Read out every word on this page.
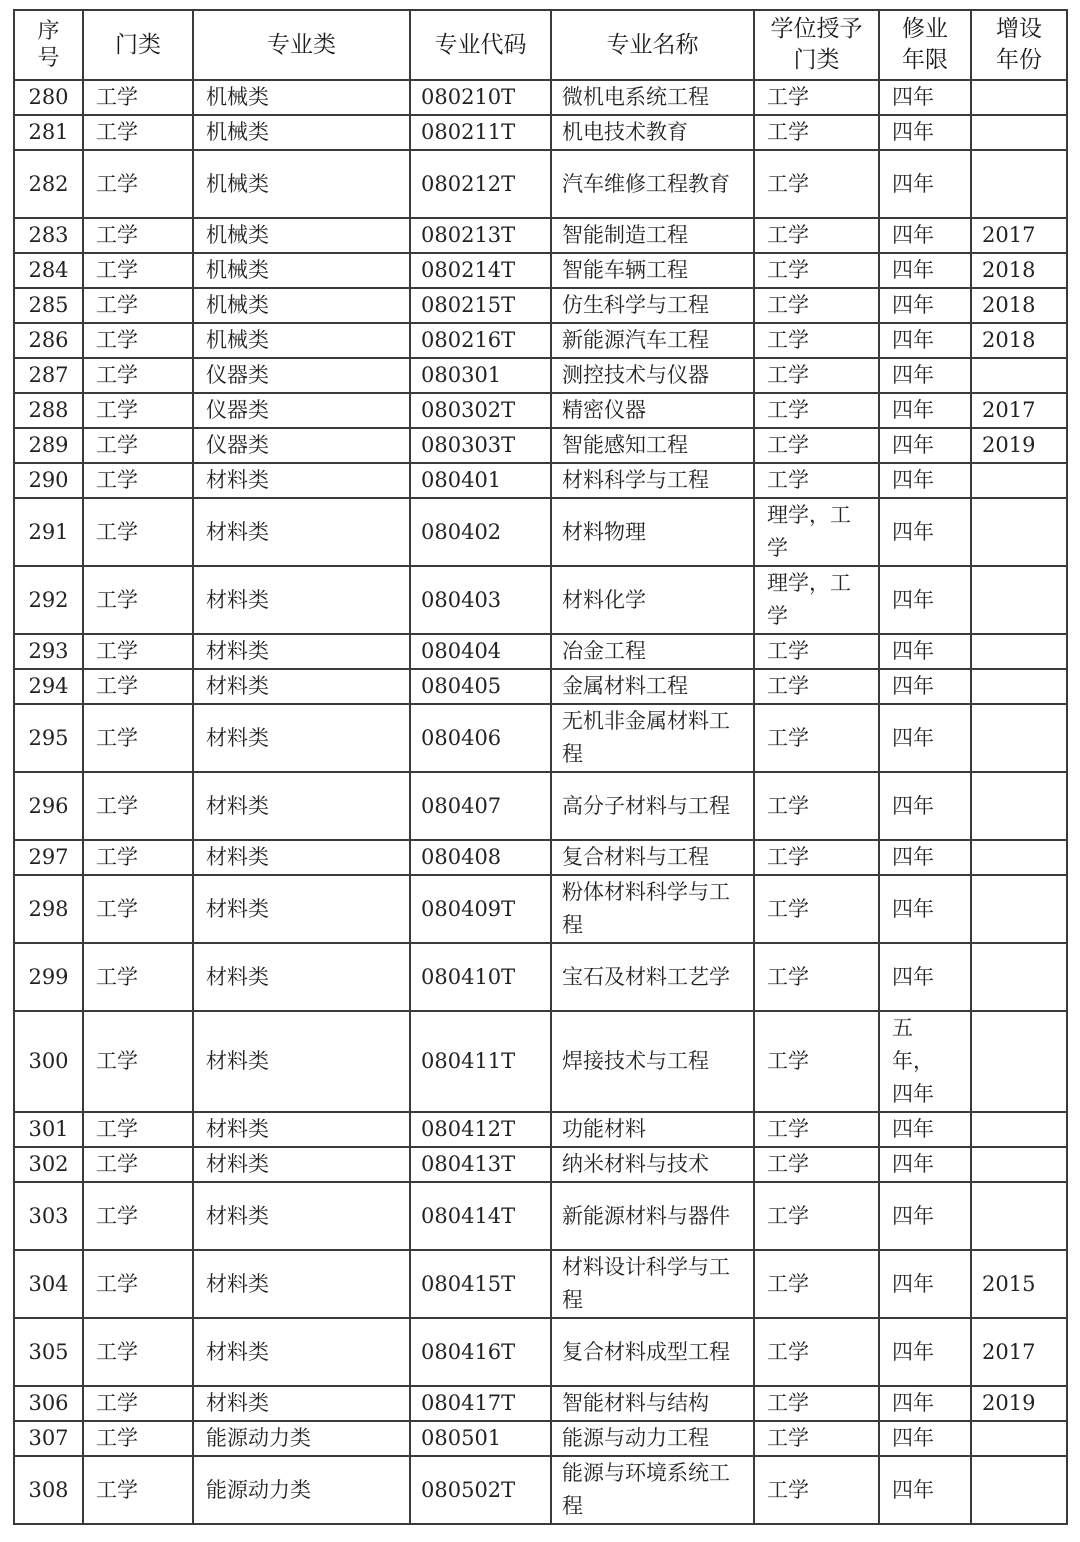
序号	门类	专业类	专业代码	专业名称	学位授予门类	修业年限	增设年份
280	工学	机械类	080210T	微机电系统工程	工学	四年	
281	工学	机械类	080211T	机电技术教育	工学	四年	
282	工学	机械类	080212T	汽车维修工程教育	工学	四年	
283	工学	机械类	080213T	智能制造工程	工学	四年	2017
284	工学	机械类	080214T	智能车辆工程	工学	四年	2018
285	工学	机械类	080215T	仿生科学与工程	工学	四年	2018
286	工学	机械类	080216T	新能源汽车工程	工学	四年	2018
287	工学	仪器类	080301	测控技术与仪器	工学	四年	
288	工学	仪器类	080302T	精密仪器	工学	四年	2017
289	工学	仪器类	080303T	智能感知工程	工学	四年	2019
290	工学	材料类	080401	材料科学与工程	工学	四年	
291	工学	材料类	080402	材料物理	理学，工学	四年	
292	工学	材料类	080403	材料化学	理学，工学	四年	
293	工学	材料类	080404	冶金工程	工学	四年	
294	工学	材料类	080405	金属材料工程	工学	四年	
295	工学	材料类	080406	无机非金属材料工程	工学	四年	
296	工学	材料类	080407	高分子材料与工程	工学	四年	
297	工学	材料类	080408	复合材料与工程	工学	四年	
298	工学	材料类	080409T	粉体材料科学与工程	工学	四年	
299	工学	材料类	080410T	宝石及材料工艺学	工学	四年	
300	工学	材料类	080411T	焊接技术与工程	工学	五年，四年	
301	工学	材料类	080412T	功能材料	工学	四年	
302	工学	材料类	080413T	纳米材料与技术	工学	四年	
303	工学	材料类	080414T	新能源材料与器件	工学	四年	
304	工学	材料类	080415T	材料设计科学与工程	工学	四年	2015
305	工学	材料类	080416T	复合材料成型工程	工学	四年	2017
306	工学	材料类	080417T	智能材料与结构	工学	四年	2019
307	工学	能源动力类	080501	能源与动力工程	工学	四年	
308	工学	能源动力类	080502T	能源与环境系统工程	工学	四年	
